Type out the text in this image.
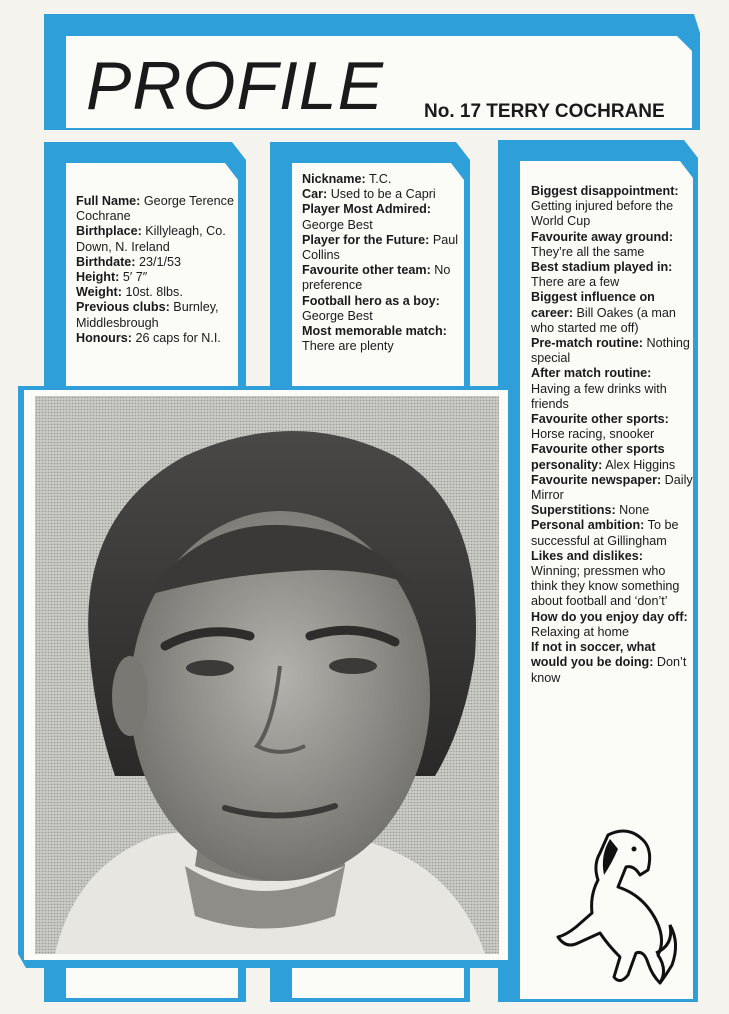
PROFILE No. 17 TERRY COCHRANE

Full Name: George Terence Cochrane

Birthplace: Killyleagh, Co. Down, N. Ireland

Birthdate: 23/1/53

Height: 5′ 7″

Weight: 10st. 8lbs.

Previous clubs: Burnley, Middlesbrough

Honours: 26 caps for N.I.

Nickname: T.C.

Car: Used to be a Capri

Player Most Admired: George Best

Player for the Future: Paul Collins

Favourite other team: No preference

Football hero as a boy: George Best

Most memorable match: There are plenty

Biggest disappointment: Getting injured before the World Cup

Favourite away ground: They’re all the same

Best stadium played in: There are a few

Biggest influence on career: Bill Oakes (a man who started me off)

Pre-match routine: Nothing special

After match routine: Having a few drinks with friends

Favourite other sports: Horse racing, snooker

Favourite other sports personality: Alex Higgins

Favourite newspaper: Daily Mirror

Superstitions: None

Personal ambition: To be successful at Gillingham

Likes and dislikes: Winning; pressmen who think they know something about football and ‘don’t’

How do you enjoy day off: Relaxing at home

If not in soccer, what would you be doing: Don’t know
